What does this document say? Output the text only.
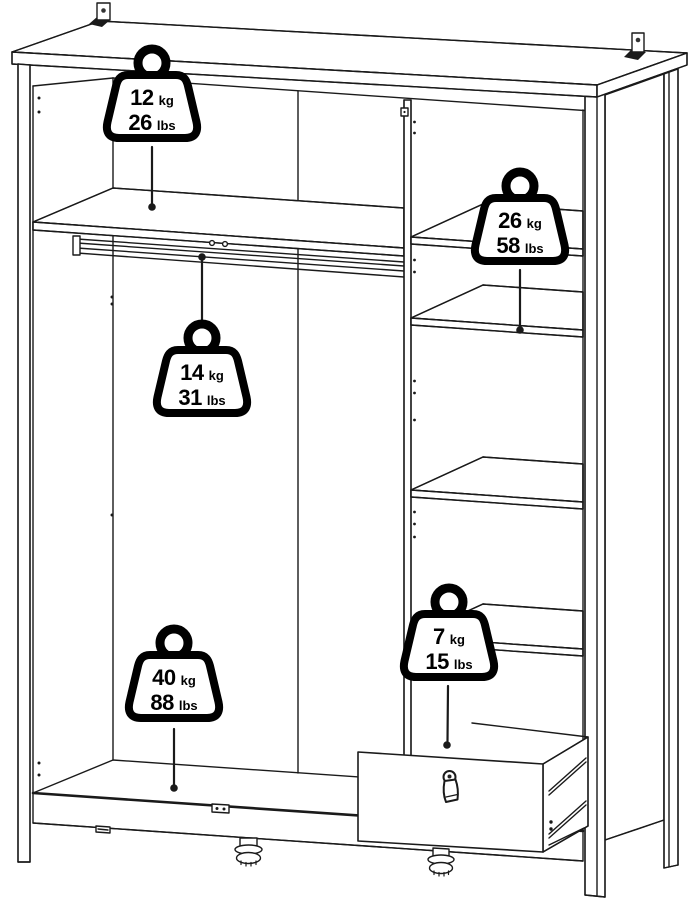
12 kg
26 lbs
26 kg
58 lbs
14 kg
31 lbs
40 kg
88 lbs
7 kg
15 lbs
